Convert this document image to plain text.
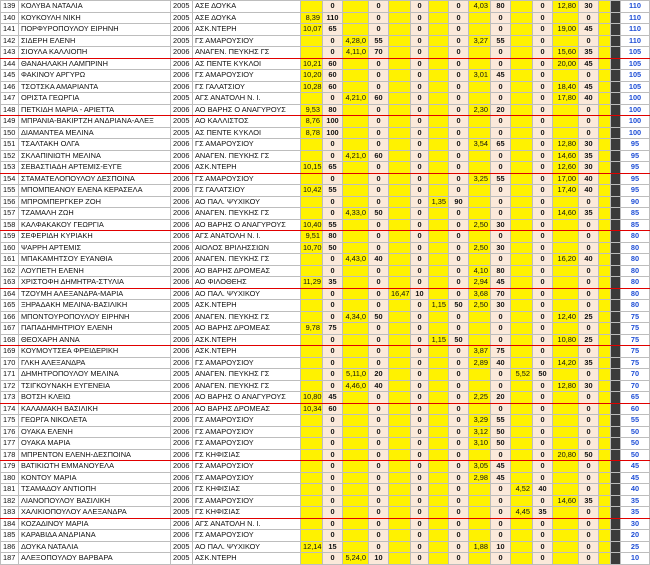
139	ΚΟΛΥΒΑ ΝΑΤΑΛΙΑ	2005	ΑΣΕ ΔΟΥΚΑ		0		0		0		0	4,03	80		0	12,80	30			110
140	ΚΟΥΚΟΥΛΗ ΝΙΚΗ	2005	ΑΣΕ ΔΟΥΚΑ	8,39	110		0		0		0		0		0		0			110
141	ΠΟΡΦΥΡΟΠΟΥΛΟΥ ΕΙΡΗΝΗ	2006	ΑΣΚ.ΝΤΕΡΗ	10,07	65		0		0		0		0		0	19,00	45			110
142	ΣΙΔΕΡΗ ΕΛΕΝΗ	2005	ΓΣ ΑΜΑΡΟΥΣΙΟΥ		0	4,28,0	55		0		0	3,27	55		0		0			110
143	ΣΙΟΥΛΑ ΚΑΛΛΙΟΠΗ	2006	ΑΝΑΓΕΝ. ΠΕΥΚΗΣ ΓΣ		0	4,11,0	70		0		0		0		0	15,60	35			105
144	ΘΑΝΑΗΛΑΚΗ ΛΑΜΠΡΙΝΗ	2006	ΑΣ ΠΕΝΤΕ ΚΥΚΛΟΙ	10,21	60		0		0		0		0		0	20,00	45			105
145	ΦΑΚΙΝΟΥ ΑΡΓΥΡΩ	2006	ΓΣ ΑΜΑΡΟΥΣΙΟΥ	10,20	60		0		0		0	3,01	45		0		0			105
146	ΤΣΟΤΣΚΑ ΑΜΑΡΙΑΝΤΑ	2006	ΓΣ ΓΑΛΑΤΣΙΟΥ	10,28	60		0		0		0		0		0	18,40	45			105
147	ΟΡΙΣΤΑ ΓΕΩΡΓΙΑ	2005	ΑΓΣ ΑΝΑΤΟΛΗ Ν. Ι.		0	4,21,0	60		0		0		0		0	17,80	40			100
148	ΠΕΤΚΙΔΗ ΜΑΡΙΑ - ΑΡΙΕΤΤΑ	2006	ΑΟ ΒΑΡΗΣ Ο ΑΝΑΓΥΡΟΥΣ	9,53	80		0		0		0	2,30	20		0		0			100
149	ΜΠΡΑΝΙΑ-ΒΑΚΙΡΤΖΗ ΑΝΔΡΙΑΝΑ-ΑΛΕΞ	2005	ΑΟ ΚΑΛΛΙΣΤΟΣ	8,76	100		0		0		0		0		0		0			100
150	ΔΙΑΜΑΝΤΕΑ ΜΕΛΙΝΑ	2005	ΑΣ ΠΕΝΤΕ ΚΥΚΛΟΙ	8,78	100		0		0		0		0		0		0			100
151	ΤΣΑΛΤΑΚΗ ΟΛΓΑ	2006	ΓΣ ΑΜΑΡΟΥΣΙΟΥ		0		0		0		0	3,54	65		0	12,80	30			95
152	ΣΚΛΑΠΙΝΙΩΤΗ ΜΕΛΙΝΑ	2006	ΑΝΑΓΕΝ. ΠΕΥΚΗΣ ΓΣ		0	4,21,0	60		0		0		0		0	14,60	35			95
153	ΣΕΒΑΣΤΙΑΔΗ ΑΡΤΕΜΙΣ-ΕΥΓΕ	2006	ΑΣΚ.ΝΤΕΡΗ	10,15	65		0		0		0		0		0	12,60	30			95
154	ΣΤΑΜΑΤΕΛΟΠΟΥΛΟΥ ΔΕΣΠΟΙΝΑ	2006	ΓΣ ΑΜΑΡΟΥΣΙΟΥ		0		0		0		0	3,25	55		0	17,00	40			95
155	ΜΠΟΜΠΕΑΝΟΥ ΕΛΕΝΑ ΚΕΡΑΣΕΛΑ	2006	ΓΣ ΓΑΛΑΤΣΙΟΥ	10,42	55		0		0		0		0		0	17,40	40			95
156	ΜΠΡΟΜΠΕΡΓΚΕΡ ΖΟΗ	2006	ΑΟ ΠΑΛ. ΨΥΧΙΚΟΥ		0		0		0	1,35	90		0		0		0			90
157	ΤΖΑΜΑΛΗ ΖΩΗ	2006	ΑΝΑΓΕΝ. ΠΕΥΚΗΣ ΓΣ		0	4,33,0	50		0		0		0		0	14,60	35			85
158	ΚΑΛΦΑΚΑΚΟΥ ΓΕΩΡΓΙΑ	2006	ΑΟ ΒΑΡΗΣ Ο ΑΝΑΓΥΡΟΥΣ	10,40	55		0		0		0	2,50	30		0		0			85
159	ΣΕΦΕΡΙΔΗ ΚΥΡΙΑΚΗ	2006	ΑΓΣ ΑΝΑΤΟΛΗ Ν. Ι.	9,51	80		0		0		0		0		0		0			80
160	ΨΑΡΡΗ ΑΡΤΕΜΙΣ	2006	ΑΙΟΛΟΣ ΒΡΙΛΗΣΣΙΩΝ	10,70	50		0		0		0	2,50	30		0		0			80
161	ΜΠΑΚΑΜΗΤΣΟΥ ΕΥΑΝΘΙΑ	2006	ΑΝΑΓΕΝ. ΠΕΥΚΗΣ ΓΣ		0	4,43,0	40		0		0		0		0	16,20	40			80
162	ΛΟΥΠΕΤΗ ΕΛΕΝΗ	2006	ΑΟ ΒΑΡΗΣ ΔΡΟΜΕΑΣ		0		0		0		0	4,10	80		0		0			80
163	ΧΡΙΣΤΟΦΗ ΔΗΜΗΤΡΑ-ΣΤΥΛΙΑ	2006	ΑΟ ΦΙΛΟΘΕΗΣ	11,29	35		0		0		0	2,94	45		0		0			80
164	ΤΖΟΥΜΗ ΑΛΕΞΑΝΔΡΑ-ΜΑΡΙΑ	2006	ΑΟ ΠΑΛ. ΨΥΧΙΚΟΥ		0		0	16,47	10		0	3,68	70		0		0			80
165	ΞΗΡΑΔΑΚΗ ΜΕΛΙΝΑ-ΒΑΣΙΛΙΚΗ	2005	ΑΣΚ.ΝΤΕΡΗ		0		0		0	1,15	50	2,50	30		0		0			80
166	ΜΠΟΝΤΟΥΡΟΠΟΥΛΟΥ ΕΙΡΗΝΗ	2006	ΑΝΑΓΕΝ. ΠΕΥΚΗΣ ΓΣ		0	4,34,0	50		0		0		0		0	12,40	25			75
167	ΠΑΠΑΔΗΜΗΤΡΙΟΥ ΕΛΕΝΗ	2005	ΑΟ ΒΑΡΗΣ ΔΡΟΜΕΑΣ	9,78	75		0		0		0		0		0		0			75
168	ΘΕΟΧΑΡΗ ΑΝΝΑ	2006	ΑΣΚ.ΝΤΕΡΗ		0		0		0	1,15	50		0		0	10,80	25			75
169	ΚΟΥΜΟΥΤΣΕΑ ΦΡΕΙΔΕΡΙΚΗ	2006	ΑΣΚ.ΝΤΕΡΗ		0		0		0		0	3,87	75		0		0			75
170	ΓΛΚΗ ΑΛΕΞΑΝΔΡΑ	2006	ΓΣ ΑΜΑΡΟΥΣΙΟΥ		0		0		0		0	2,89	40		0	14,20	35			75
171	ΔΗΜΗΤΡΟΠΟΥΛΟΥ ΜΕΛΙΝΑ	2005	ΑΝΑΓΕΝ. ΠΕΥΚΗΣ ΓΣ		0	5,11,0	20		0		0		0	5,52	50		0			70
172	ΤΣΙΓΚΟΥΝΑΚΗ ΕΥΓΕΝΕΙΑ	2006	ΑΝΑΓΕΝ. ΠΕΥΚΗΣ ΓΣ		0	4,46,0	40		0		0		0		0	12,80	30			70
173	ΒΟΤΣΗ ΚΛΕΙΩ	2006	ΑΟ ΒΑΡΗΣ Ο ΑΝΑΓΥΡΟΥΣ	10,80	45		0		0		0	2,25	20		0		0			65
174	ΚΑΛΑΜΑΚΗ ΒΑΣΙΛΙΚΗ	2006	ΑΟ ΒΑΡΗΣ ΔΡΟΜΕΑΣ	10,34	60		0		0		0		0		0		0			60
175	ΓΕΩΡΓΑ ΝΙΚΟΛΕΤΑ	2006	ΓΣ ΑΜΑΡΟΥΣΙΟΥ		0		0		0		0	3,29	55		0		0			55
176	ΟΥΑΚΑ ΕΛΕΝΗ	2006	ΓΣ ΑΜΑΡΟΥΣΙΟΥ		0		0		0		0	3,12	50		0		0			50
177	ΟΥΑΚΑ ΜΑΡΙΑ	2006	ΓΣ ΑΜΑΡΟΥΣΙΟΥ		0		0		0		0	3,10	50		0		0			50
178	ΜΠΡΕΝΤΟΝ ΕΛΕΝΗ-ΔΕΣΠΟΙΝΑ	2006	ΓΣ ΚΗΦΙΣΙΑΣ		0		0		0		0		0		0	20,80	50			50
179	ΒΑΤΙΚΙΩΤΗ ΕΜΜΑΝΟΥΕΛΑ	2006	ΓΣ ΑΜΑΡΟΥΣΙΟΥ		0		0		0		0	3,05	45		0		0			45
180	ΚΟΝΤΟΥ ΜΑΡΙΑ	2006	ΓΣ ΑΜΑΡΟΥΣΙΟΥ		0		0		0		0	2,98	45		0		0			45
181	ΤΣΑΜΑΔΟΥ ΑΝΤΙΟΠΗ	2006	ΓΣ ΚΗΦΙΣΙΑΣ		0		0		0		0		0	4,52	40		0			40
182	ΛΙΑΝΟΠΟΥΛΟΥ ΒΑΣΙΛΙΚΗ	2006	ΓΣ ΑΜΑΡΟΥΣΙΟΥ		0		0		0		0		0		0	14,60	35			35
183	ΧΑΛΙΚΙΟΠΟΥΛΟΥ ΑΛΕΞΑΝΔΡΑ	2005	ΓΣ ΚΗΦΙΣΙΑΣ		0		0		0		0		0	4,45	35		0			35
184	ΚΟΖΑΔΙΝΟΥ ΜΑΡΙΑ	2006	ΑΓΣ ΑΝΑΤΟΛΗ Ν. Ι.		0		0		0		0		0		0		0			30
185	ΚΑΡΑΒΙΔΑ ΑΝΔΡΙΑΝΑ	2006	ΓΣ ΑΜΑΡΟΥΣΙΟΥ		0		0		0		0		0		0		0			20
186	ΔΟΥΚΑ ΝΑΤΑΛΙΑ	2005	ΑΟ ΠΑΛ. ΨΥΧΙΚΟΥ	12,14	15		0		0		0	1,88	10		0		0			25
187	ΑΛΕΞΟΠΟΥΛΟΥ ΒΑΡΒΑΡΑ	2005	ΑΣΚ.ΝΤΕΡΗ		0	5,24,0	10		0		0		0		0		0			10
